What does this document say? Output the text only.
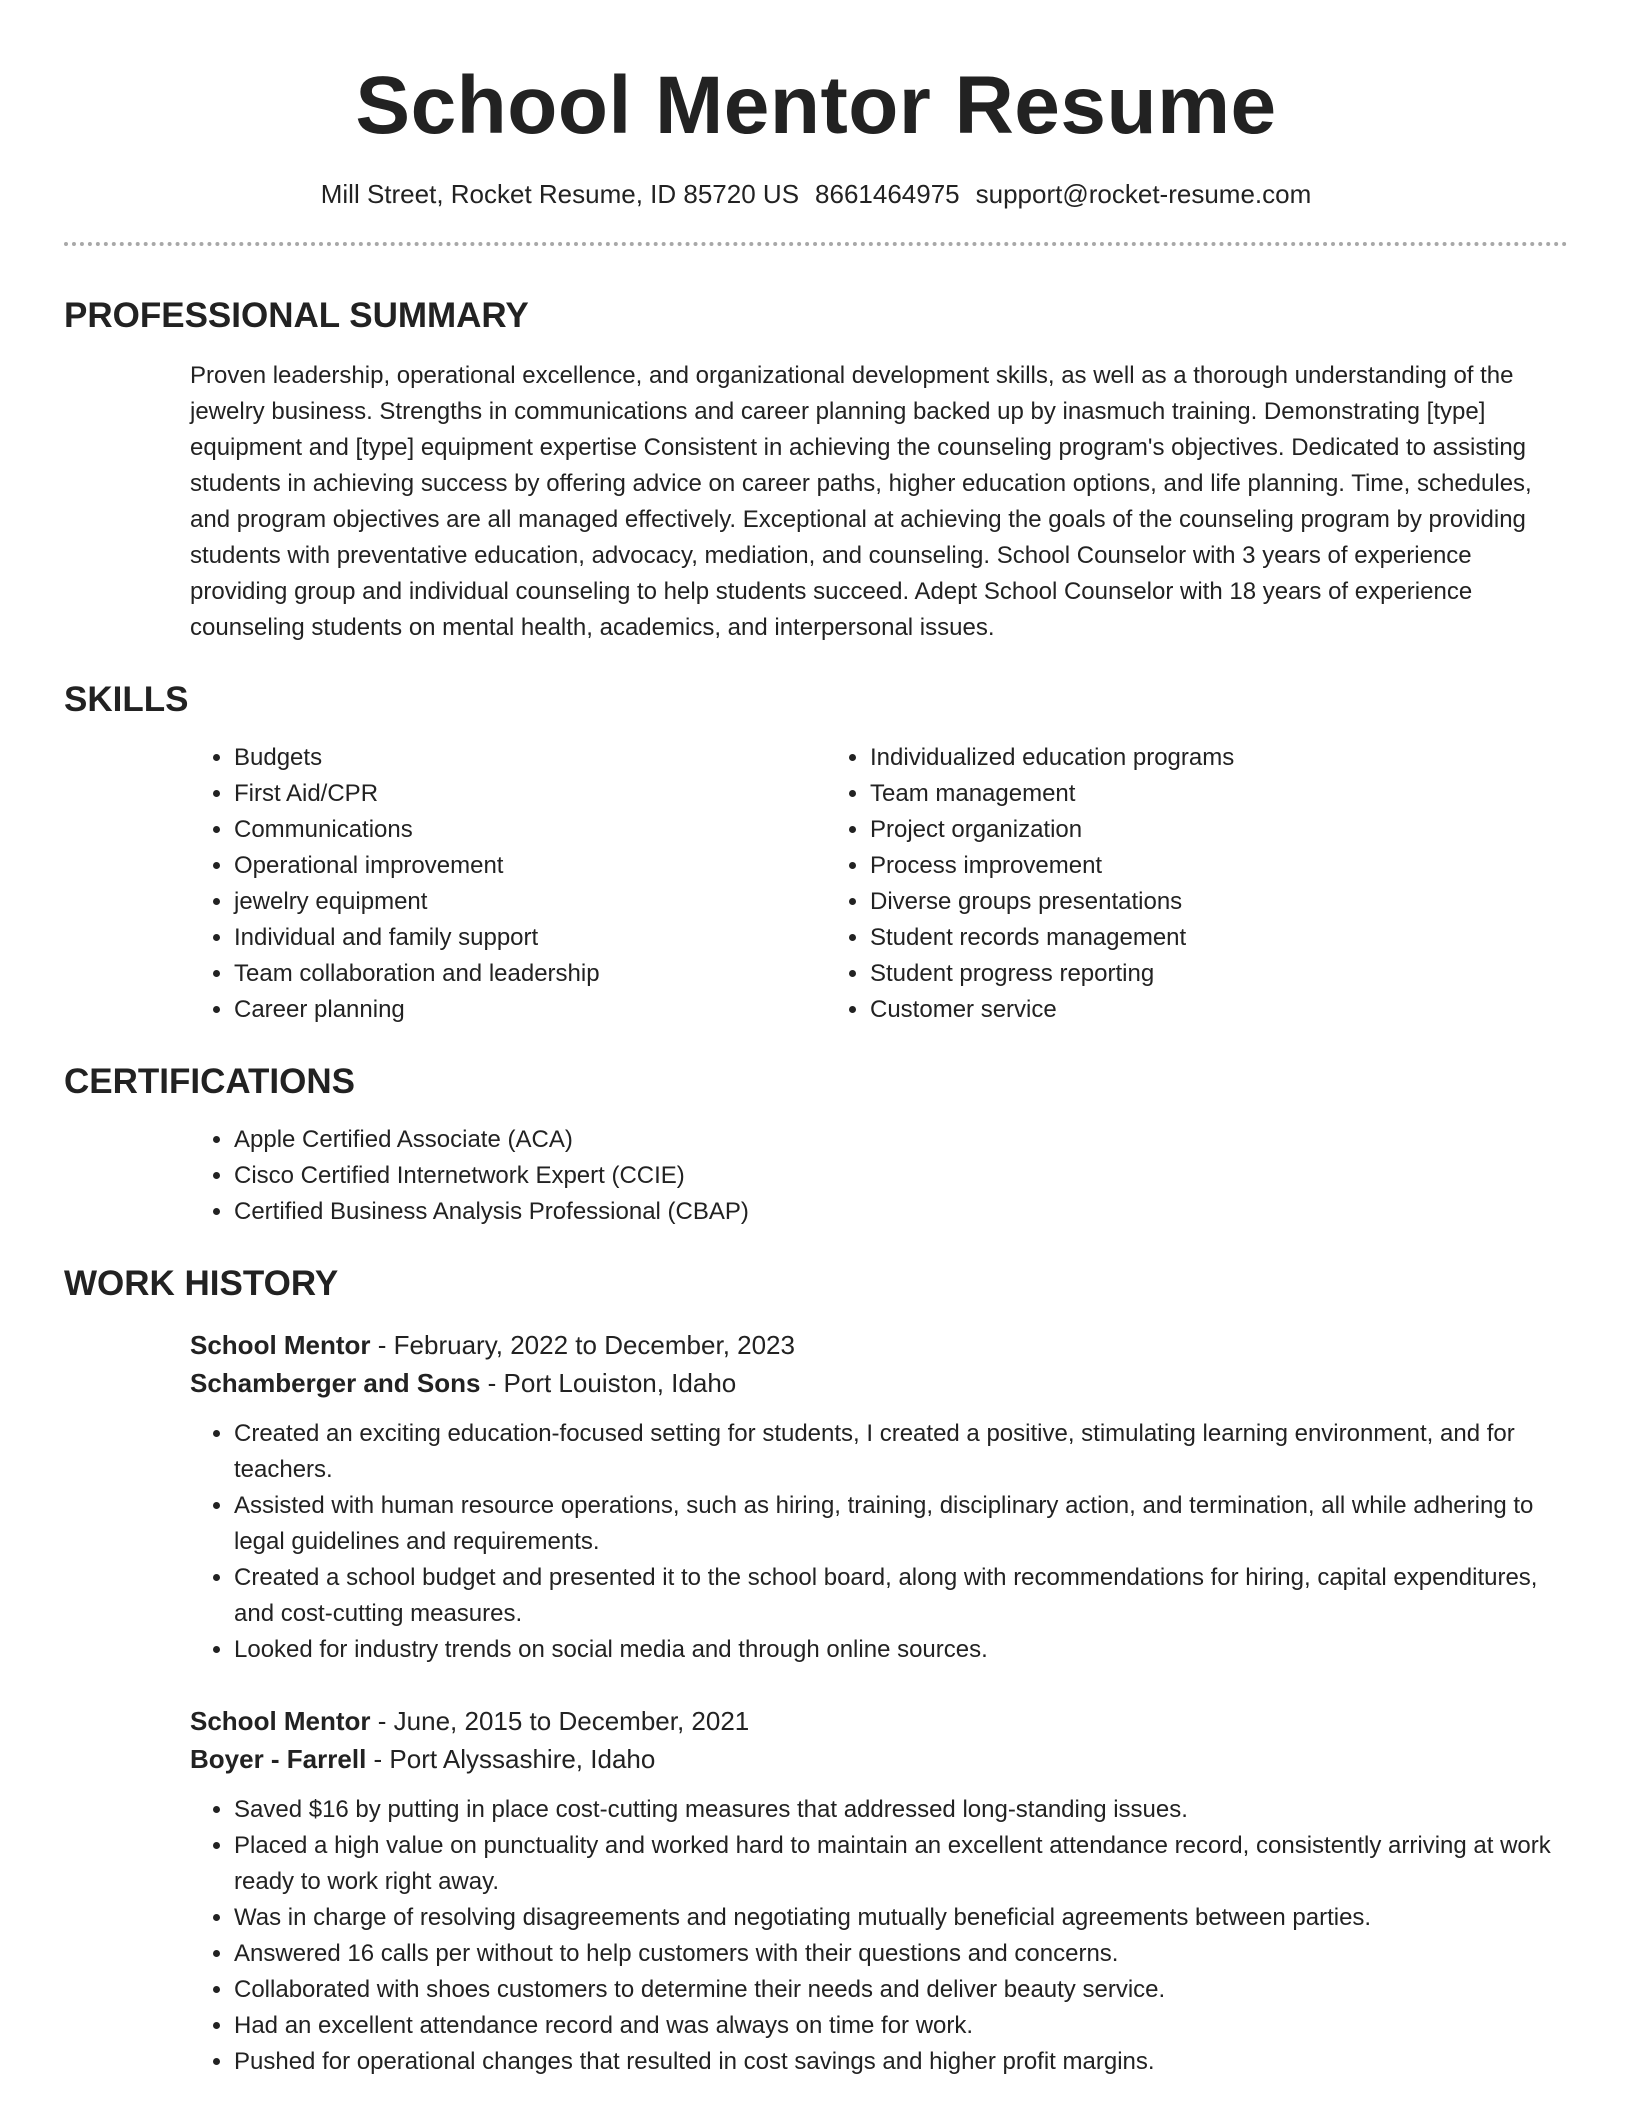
School Mentor Resume
Mill Street, Rocket Resume, ID 85720 US 8661464975 support@rocket-resume.com
PROFESSIONAL SUMMARY
Proven leadership, operational excellence, and organizational development skills, as well as a thorough understanding of the jewelry business. Strengths in communications and career planning backed up by inasmuch training. Demonstrating [type] equipment and [type] equipment expertise Consistent in achieving the counseling program's objectives. Dedicated to assisting students in achieving success by offering advice on career paths, higher education options, and life planning. Time, schedules, and program objectives are all managed effectively. Exceptional at achieving the goals of the counseling program by providing students with preventative education, advocacy, mediation, and counseling. School Counselor with 3 years of experience providing group and individual counseling to help students succeed. Adept School Counselor with 18 years of experience counseling students on mental health, academics, and interpersonal issues.
SKILLS
• Budgets
• First Aid/CPR
• Communications
• Operational improvement
• jewelry equipment
• Individual and family support
• Team collaboration and leadership
• Career planning
• Individualized education programs
• Team management
• Project organization
• Process improvement
• Diverse groups presentations
• Student records management
• Student progress reporting
• Customer service
CERTIFICATIONS
• Apple Certified Associate (ACA)
• Cisco Certified Internetwork Expert (CCIE)
• Certified Business Analysis Professional (CBAP)
WORK HISTORY
School Mentor - February, 2022 to December, 2023
Schamberger and Sons - Port Louiston, Idaho
• Created an exciting education-focused setting for students, I created a positive, stimulating learning environment, and for teachers.
• Assisted with human resource operations, such as hiring, training, disciplinary action, and termination, all while adhering to legal guidelines and requirements.
• Created a school budget and presented it to the school board, along with recommendations for hiring, capital expenditures, and cost-cutting measures.
• Looked for industry trends on social media and through online sources.
School Mentor - June, 2015 to December, 2021
Boyer - Farrell - Port Alyssashire, Idaho
• Saved $16 by putting in place cost-cutting measures that addressed long-standing issues.
• Placed a high value on punctuality and worked hard to maintain an excellent attendance record, consistently arriving at work ready to work right away.
• Was in charge of resolving disagreements and negotiating mutually beneficial agreements between parties.
• Answered 16 calls per without to help customers with their questions and concerns.
• Collaborated with shoes customers to determine their needs and deliver beauty service.
• Had an excellent attendance record and was always on time for work.
• Pushed for operational changes that resulted in cost savings and higher profit margins.
